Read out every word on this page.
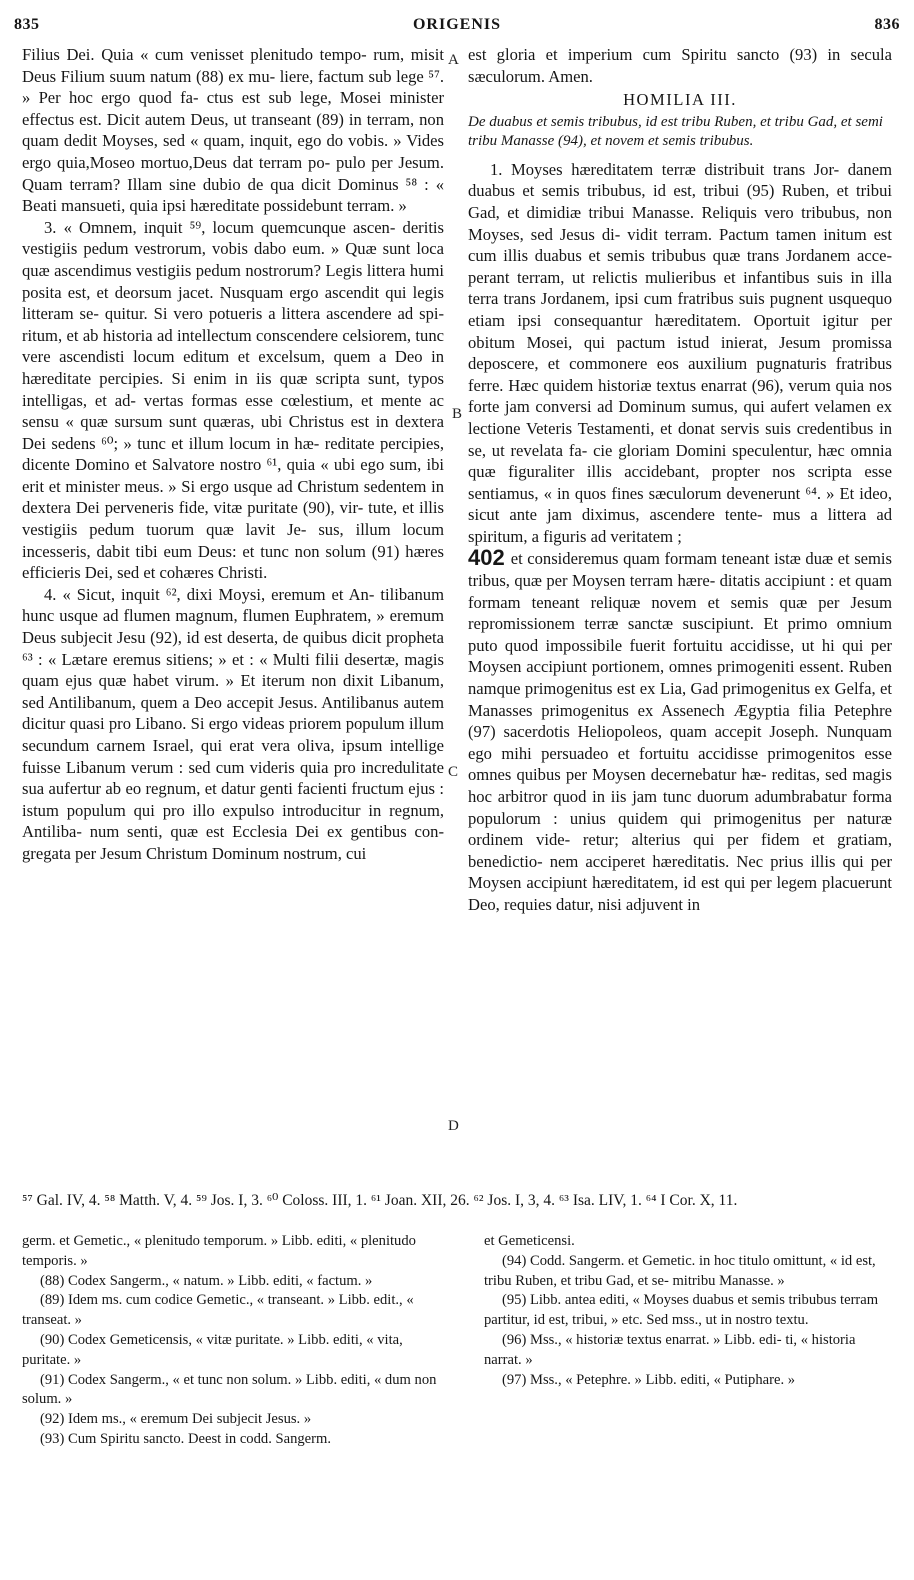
835	ORIGENIS	836
A
B
C
D

Filius Dei. Quia « cum venisset plenitudo tempo- rum, misit Deus Filium suum natum (88) ex mu- liere, factum sub lege ⁵⁷. » Per hoc ergo quod fa- ctus est sub lege, Mosei minister effectus est. Dicit autem Deus, ut transeant (89) in terram, non quam dedit Moyses, sed « quam, inquit, ego do vobis. » Vides ergo quia,Moseo mortuo,Deus dat terram po- pulo per Jesum. Quam terram? Illam sine dubio de qua dicit Dominus ⁵⁸ : « Beati mansueti, quia ipsi hæreditate possidebunt terram. »

3. « Omnem, inquit ⁵⁹, locum quemcunque ascen- deritis vestigiis pedum vestrorum, vobis dabo eum. » Quæ sunt loca quæ ascendimus vestigiis pedum nostrorum? Legis littera humi posita est, et deorsum jacet. Nusquam ergo ascendit qui legis litteram se- quitur. Si vero potueris a littera ascendere ad spi- ritum, et ab historia ad intellectum conscendere celsiorem, tunc vere ascendisti locum editum et excelsum, quem a Deo in hæreditate percipies. Si enim in iis quæ scripta sunt, typos intelligas, et ad- vertas formas esse cœlestium, et mente ac sensu « quæ sursum sunt quæras, ubi Christus est in dextera Dei sedens ⁶⁰; » tunc et illum locum in hæ- reditate percipies, dicente Domino et Salvatore nostro ⁶¹, quia « ubi ego sum, ibi erit et minister meus. » Si ergo usque ad Christum sedentem in dextera Dei perveneris fide, vitæ puritate (90), vir- tute, et illis vestigiis pedum tuorum quæ lavit Je- sus, illum locum incesseris, dabit tibi eum Deus: et tunc non solum (91) hæres efficieris Dei, sed et cohæres Christi.

4. « Sicut, inquit ⁶², dixi Moysi, eremum et An- tilibanum hunc usque ad flumen magnum, flumen Euphratem, » eremum Deus subjecit Jesu (92), id est deserta, de quibus dicit propheta ⁶³ : « Lætare eremus sitiens; » et : « Multi filii desertæ, magis quam ejus quæ habet virum. » Et iterum non dixit Libanum, sed Antilibanum, quem a Deo accepit Jesus. Antilibanus autem dicitur quasi pro Libano. Si ergo videas priorem populum illum secundum carnem Israel, qui erat vera oliva, ipsum intellige fuisse Libanum verum : sed cum videris quia pro incredulitate sua aufertur ab eo regnum, et datur genti facienti fructum ejus : istum populum qui pro illo expulso introducitur in regnum, Antiliba- num senti, quæ est Ecclesia Dei ex gentibus con- gregata per Jesum Christum Dominum nostrum, cui

est gloria et imperium cum Spiritu sancto (93) in secula sæculorum. Amen.

HOMILIA III.
De duabus et semis tribubus, id est tribu Ruben, et tribu Gad, et semi tribu Manasse (94), et novem et semis tribubus.

1. Moyses hæreditatem terræ distribuit trans Jor- danem duabus et semis tribubus, id est, tribui (95) Ruben, et tribui Gad, et dimidiæ tribui Manasse. Reliquis vero tribubus, non Moyses, sed Jesus di- vidit terram. Pactum tamen initum est cum illis duabus et semis tribubus quæ trans Jordanem acce- perant terram, ut relictis mulieribus et infantibus suis in illa terra trans Jordanem, ipsi cum fratribus suis pugnent usquequo etiam ipsi consequantur hæreditatem. Oportuit igitur per obitum Mosei, qui pactum istud inierat, Jesum promissa deposcere, et commonere eos auxilium pugnaturis fratribus ferre. Hæc quidem historiæ textus enarrat (96), verum quia nos forte jam conversi ad Dominum sumus, qui aufert velamen ex lectione Veteris Testamenti, et donat servis suis credentibus in se, ut revelata fa- cie gloriam Domini speculentur, hæc omnia quæ figuraliter illis accidebant, propter nos scripta esse sentiamus, « in quos fines sæculorum devenerunt ⁶⁴. » Et ideo, sicut ante jam diximus, ascendere tente- mus a littera ad spiritum, a figuris ad veritatem ;

402 et consideremus quam formam teneant istæ duæ et semis tribus, quæ per Moysen terram hære- ditatis accipiunt : et quam formam teneant reliquæ novem et semis quæ per Jesum repromissionem terræ sanctæ suscipiunt. Et primo omnium puto quod impossibile fuerit fortuitu accidisse, ut hi qui per Moysen accipiunt portionem, omnes primogeniti essent. Ruben namque primogenitus est ex Lia, Gad primogenitus ex Gelfa, et Manasses primogenitus ex Assenech Ægyptia filia Petephre (97) sacerdotis Heliopoleos, quam accepit Joseph. Nunquam ego mihi persuadeo et fortuitu accidisse primogenitos esse omnes quibus per Moysen decernebatur hæ- reditas, sed magis hoc arbitror quod in iis jam tunc duorum adumbrabatur forma populorum : unius quidem qui primogenitus per naturæ ordinem vide- retur; alterius qui per fidem et gratiam, benedictio- nem acciperet hæreditatis. Nec prius illis qui per Moysen accipiunt hæreditatem, id est qui per legem placuerunt Deo, requies datur, nisi adjuvent in

⁵⁷ Gal. IV, 4. ⁵⁸ Matth. V, 4. ⁵⁹ Jos. I, 3. ⁶⁰ Coloss. III, 1. ⁶¹ Joan. XII, 26. ⁶² Jos. I, 3, 4. ⁶³ Isa. LIV, 1. ⁶⁴ I Cor. X, 11.

germ. et Gemetic., « plenitudo temporum. » Libb. editi, « plenitudo temporis. »

(88) Codex Sangerm., « natum. » Libb. editi, « factum. »

(89) Idem ms. cum codice Gemetic., « transeant. » Libb. edit., « transeat. »

(90) Codex Gemeticensis, « vitæ puritate. » Libb. editi, « vita, puritate. »

(91) Codex Sangerm., « et tunc non solum. » Libb. editi, « dum non solum. »

(92) Idem ms., « eremum Dei subjecit Jesus. »

(93) Cum Spiritu sancto. Deest in codd. Sangerm.

et Gemeticensi.

(94) Codd. Sangerm. et Gemetic. in hoc titulo omittunt, « id est, tribu Ruben, et tribu Gad, et se- mitribu Manasse. »

(95) Libb. antea editi, « Moyses duabus et semis tribubus terram partitur, id est, tribui, » etc. Sed mss., ut in nostro textu.

(96) Mss., « historiæ textus enarrat. » Libb. edi- ti, « historia narrat. »

(97) Mss., « Petephre. » Libb. editi, « Putiphare. »
